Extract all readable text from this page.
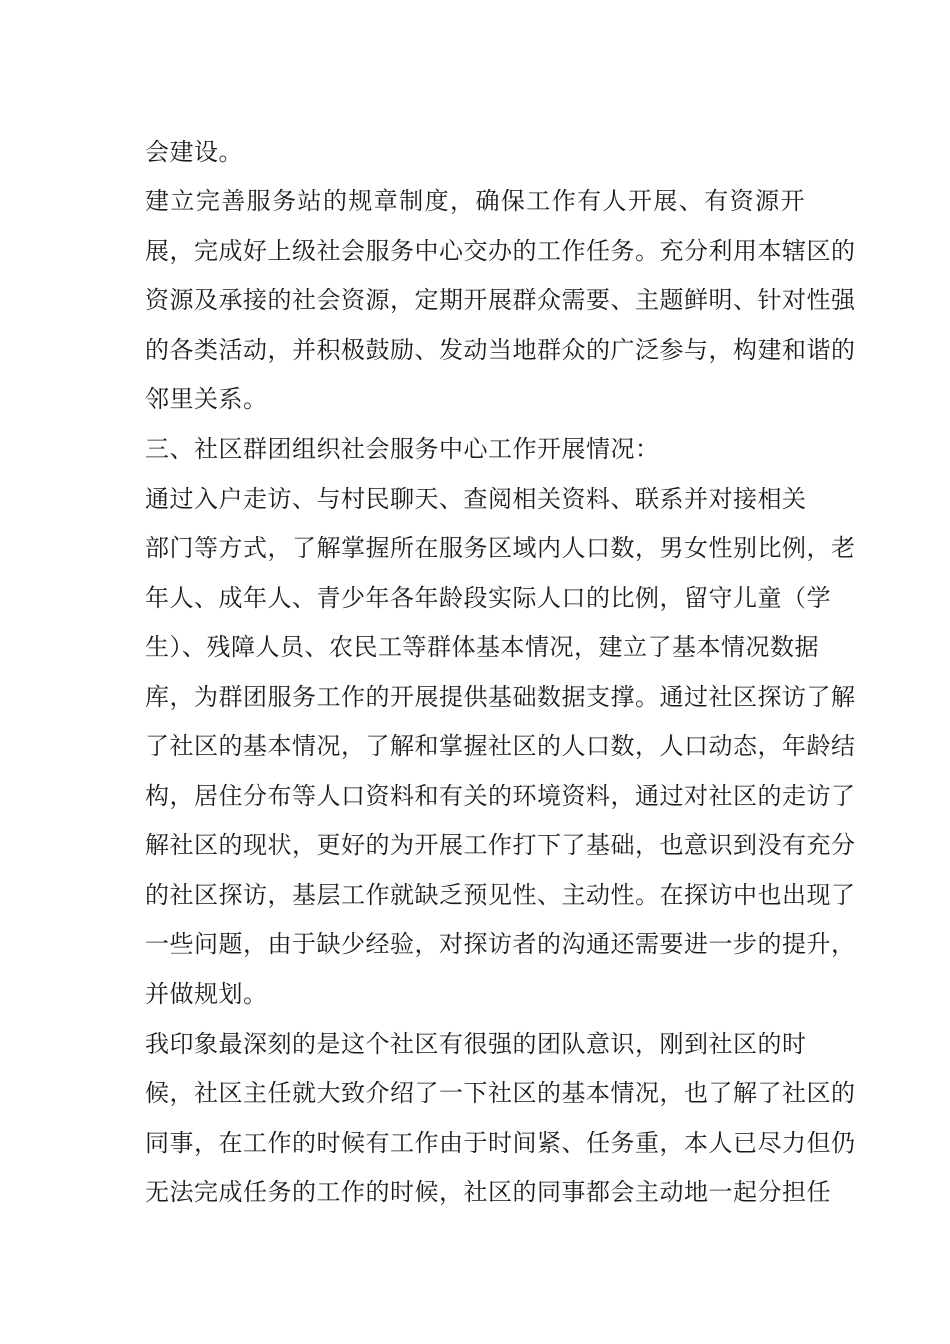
会建设。
建立完善服务站的规章制度，确保工作有人开展、有资源开
展，完成好上级社会服务中心交办的工作任务。充分利用本辖区的
资源及承接的社会资源，定期开展群众需要、主题鲜明、针对性强
的各类活动，并积极鼓励、发动当地群众的广泛参与，构建和谐的
邻里关系。
三、社区群团组织社会服务中心工作开展情况：
通过入户走访、与村民聊天、查阅相关资料、联系并对接相关
部门等方式，了解掌握所在服务区域内人口数，男女性别比例，老
年人、成年人、青少年各年龄段实际人口的比例，留守儿童（学
生）、残障人员、农民工等群体基本情况，建立了基本情况数据
库，为群团服务工作的开展提供基础数据支撑。通过社区探访了解
了社区的基本情况，了解和掌握社区的人口数，人口动态，年龄结
构，居住分布等人口资料和有关的环境资料，通过对社区的走访了
解社区的现状，更好的为开展工作打下了基础，也意识到没有充分
的社区探访，基层工作就缺乏预见性、主动性。在探访中也出现了
一些问题，由于缺少经验，对探访者的沟通还需要进一步的提升，
并做规划。
我印象最深刻的是这个社区有很强的团队意识，刚到社区的时
候，社区主任就大致介绍了一下社区的基本情况，也了解了社区的
同事，在工作的时候有工作由于时间紧、任务重，本人已尽力但仍
无法完成任务的工作的时候，社区的同事都会主动地一起分担任
